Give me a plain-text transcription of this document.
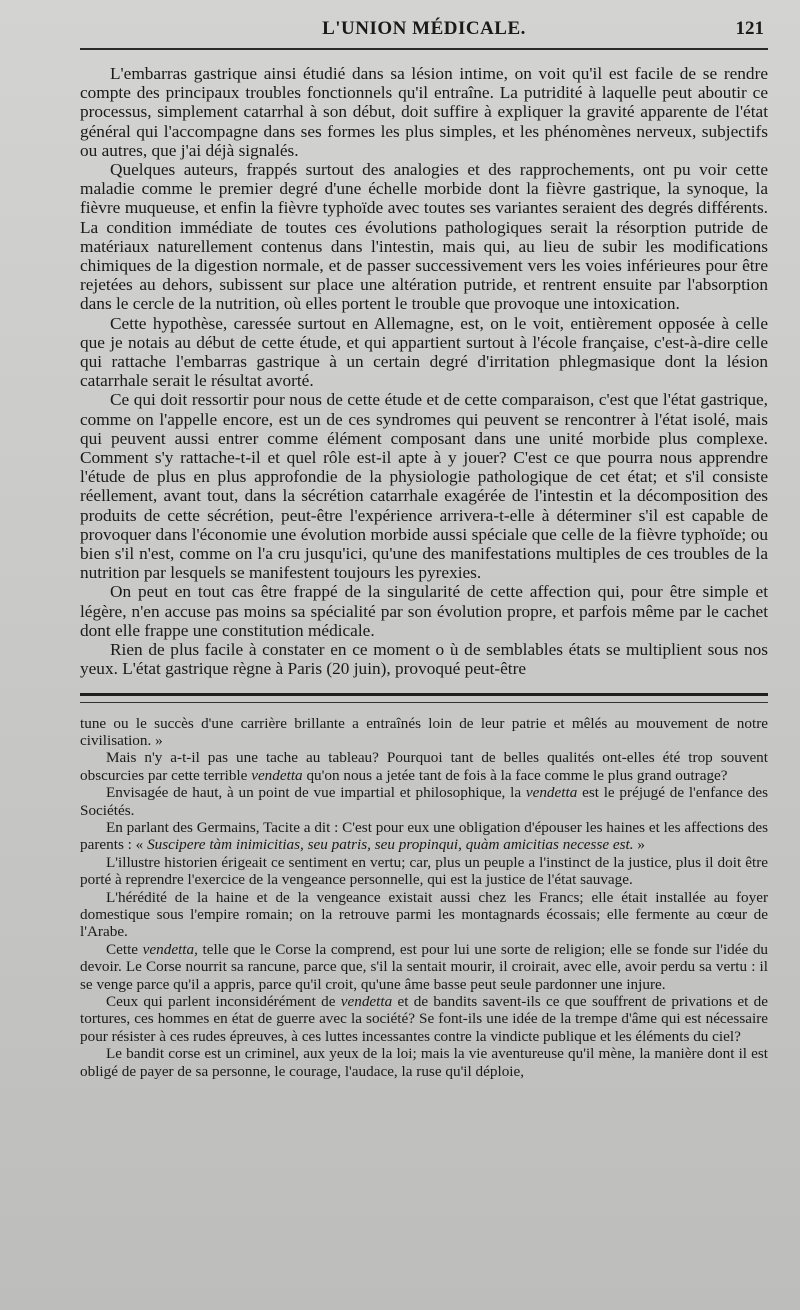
L'UNION MÉDICALE.	121

L'embarras gastrique ainsi étudié dans sa lésion intime, on voit qu'il est facile de se rendre compte des principaux troubles fonctionnels qu'il entraîne. La putridité à laquelle peut aboutir ce processus, simplement catarrhal à son début, doit suffire à expliquer la gravité apparente de l'état général qui l'accompagne dans ses formes les plus simples, et les phénomènes nerveux, subjectifs ou autres, que j'ai déjà signalés.

Quelques auteurs, frappés surtout des analogies et des rapprochements, ont pu voir cette maladie comme le premier degré d'une échelle morbide dont la fièvre gastrique, la synoque, la fièvre muqueuse, et enfin la fièvre typhoïde avec toutes ses variantes seraient des degrés différents. La condition immédiate de toutes ces évolutions pathologiques serait la résorption putride de matériaux naturellement contenus dans l'intestin, mais qui, au lieu de subir les modifications chimiques de la digestion normale, et de passer successivement vers les voies inférieures pour être rejetées au dehors, subissent sur place une altération putride, et rentrent ensuite par l'absorption dans le cercle de la nutrition, où elles portent le trouble que provoque une intoxication.

Cette hypothèse, caressée surtout en Allemagne, est, on le voit, entièrement opposée à celle que je notais au début de cette étude, et qui appartient surtout à l'école française, c'est-à-dire celle qui rattache l'embarras gastrique à un certain degré d'irritation phlegmasique dont la lésion catarrhale serait le résultat avorté.

Ce qui doit ressortir pour nous de cette étude et de cette comparaison, c'est que l'état gastrique, comme on l'appelle encore, est un de ces syndromes qui peuvent se rencontrer à l'état isolé, mais qui peuvent aussi entrer comme élément composant dans une unité morbide plus complexe. Comment s'y rattache-t-il et quel rôle est-il apte à y jouer? C'est ce que pourra nous apprendre l'étude de plus en plus approfondie de la physiologie pathologique de cet état; et s'il consiste réellement, avant tout, dans la sécrétion catarrhale exagérée de l'intestin et la décomposition des produits de cette sécrétion, peut-être l'expérience arrivera-t-elle à déterminer s'il est capable de provoquer dans l'économie une évolution morbide aussi spéciale que celle de la fièvre typhoïde; ou bien s'il n'est, comme on l'a cru jusqu'ici, qu'une des manifestations multiples de ces troubles de la nutrition par lesquels se manifestent toujours les pyrexies.

On peut en tout cas être frappé de la singularité de cette affection qui, pour être simple et légère, n'en accuse pas moins sa spécialité par son évolution propre, et parfois même par le cachet dont elle frappe une constitution médicale.

Rien de plus facile à constater en ce moment o ù de semblables états se multiplient sous nos yeux. L'état gastrique règne à Paris (20 juin), provoqué peut-être

tune ou le succès d'une carrière brillante a entraînés loin de leur patrie et mêlés au mouvement de notre civilisation. »

Mais n'y a-t-il pas une tache au tableau? Pourquoi tant de belles qualités ont-elles été trop souvent obscurcies par cette terrible vendetta qu'on nous a jetée tant de fois à la face comme le plus grand outrage?

Envisagée de haut, à un point de vue impartial et philosophique, la vendetta est le préjugé de l'enfance des Sociétés.

En parlant des Germains, Tacite a dit : C'est pour eux une obligation d'épouser les haines et les affections des parents : « Suscipere tàm inimicitias, seu patris, seu propinqui, quàm amicitias necesse est. »

L'illustre historien érigeait ce sentiment en vertu; car, plus un peuple a l'instinct de la justice, plus il doit être porté à reprendre l'exercice de la vengeance personnelle, qui est la justice de l'état sauvage.

L'hérédité de la haine et de la vengeance existait aussi chez les Francs; elle était installée au foyer domestique sous l'empire romain; on la retrouve parmi les montagnards écossais; elle fermente au cœur de l'Arabe.

Cette vendetta, telle que le Corse la comprend, est pour lui une sorte de religion; elle se fonde sur l'idée du devoir. Le Corse nourrit sa rancune, parce que, s'il la sentait mourir, il croirait, avec elle, avoir perdu sa vertu : il se venge parce qu'il a appris, parce qu'il croit, qu'une âme basse peut seule pardonner une injure.

Ceux qui parlent inconsidérément de vendetta et de bandits savent-ils ce que souffrent de privations et de tortures, ces hommes en état de guerre avec la société? Se font-ils une idée de la trempe d'âme qui est nécessaire pour résister à ces rudes épreuves, à ces luttes incessantes contre la vindicte publique et les éléments du ciel?

Le bandit corse est un criminel, aux yeux de la loi; mais la vie aventureuse qu'il mène, la manière dont il est obligé de payer de sa personne, le courage, l'audace, la ruse qu'il déploie,
